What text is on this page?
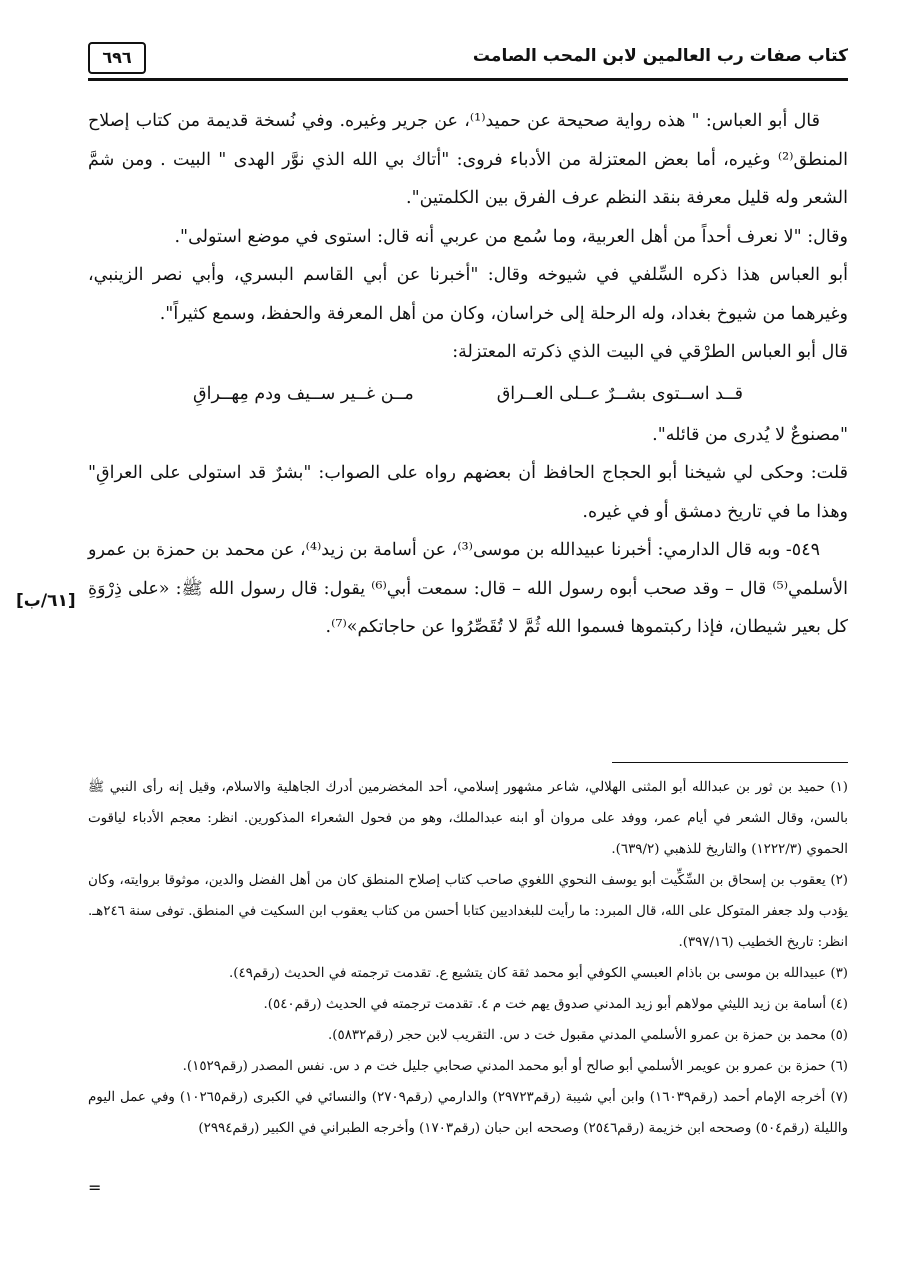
كتاب صفات رب العالمين لابن المحب الصامت
٦٩٦
[٦١/ب]

قال أبو العباس: " هذه رواية صحيحة عن حميد⁽¹⁾، عن جرير وغيره. وفي نُسخة قديمة من كتاب إصلاح المنطق⁽²⁾ وغيره، أما بعض المعتزلة من الأدباء فروى: "أتاك بي الله الذي نوَّر الهدى " البيت . ومن شمَّ الشعر وله قليل معرفة بنقد النظم عرف الفرق بين الكلمتين".

وقال: "لا نعرف أحداً من أهل العربية، وما سُمع من عربي أنه قال: استوى في موضع استولى".

أبو العباس هذا ذكره السِّلفي في شيوخه وقال: "أخبرنا عن أبي القاسم البسري، وأبي نصر الزينبي، وغيرهما من شيوخ بغداد، وله الرحلة إلى خراسان، وكان من أهل المعرفة والحفظ، وسمع كثيراً".

قال أبو العباس الطرْقي في البيت الذي ذكرته المعتزلة:

قــد اســتوى بشــرٌ عــلى العــراق
مــن غــير ســيف ودم مِهــراقِ

"مصنوعٌ لا يُدرى من قائله".

قلت: وحكى لي شيخنا أبو الحجاج الحافظ أن بعضهم رواه على الصواب: "بشرٌ قد استولى على العراقِ" وهذا ما في تاريخ دمشق أو في غيره.

٥٤٩- وبه قال الدارمي: أخبرنا عبيدالله بن موسى⁽³⁾، عن أسامة بن زيد⁽⁴⁾، عن محمد بن حمزة بن عمرو الأسلمي⁽⁵⁾ قال – وقد صحب أبوه رسول الله – قال: سمعت أبي⁽⁶⁾ يقول: قال رسول الله ﷺ: «على ذِرْوَةِ كل بعير شيطان، فإذا ركبتموها فسموا الله ثُمَّ لا تُقَصِّرُوا عن حاجاتكم»⁽⁷⁾.

(١) حميد بن ثور بن عبدالله أبو المثنى الهلالي، شاعر مشهور إسلامي، أحد المخضرمين أدرك الجاهلية والاسلام، وقيل إنه رأى النبي ﷺ بالسن، وقال الشعر في أيام عمر، ووفد على مروان أو ابنه عبدالملك، وهو من فحول الشعراء المذكورين. انظر: معجم الأدباء لياقوت الحموي (١٢٢٢/٣) والتاريخ للذهبي (٦٣٩/٢).

(٢) يعقوب بن إسحاق بن السِّكِّيت أبو يوسف النحوي اللغوي صاحب كتاب إصلاح المنطق كان من أهل الفضل والدين، موثوقا بروايته، وكان يؤدب ولد جعفر المتوكل على الله، قال المبرد: ما رأيت للبغداديين كتابا أحسن من كتاب يعقوب ابن السكيت في المنطق. توفى سنة ٢٤٦هـ. انظر: تاريخ الخطيب (٣٩٧/١٦).

(٣) عبيدالله بن موسى بن باذام العبسي الكوفي أبو محمد ثقة كان يتشيع ع. تقدمت ترجمته في الحديث (رقم٤٩).

(٤) أسامة بن زيد الليثي مولاهم أبو زيد المدني صدوق يهم خت م ٤. تقدمت ترجمته في الحديث (رقم٥٤٠).

(٥) محمد بن حمزة بن عمرو الأسلمي المدني مقبول خت د س. التقريب لابن حجر (رقم٥٨٣٢).

(٦) حمزة بن عمرو بن عويمر الأسلمي أبو صالح أو أبو محمد المدني صحابي جليل خت م د س. نفس المصدر (رقم١٥٢٩).

(٧) أخرجه الإمام أحمد (رقم١٦٠٣٩) وابن أبي شيبة (رقم٢٩٧٢٣) والدارمي (رقم٢٧٠٩) والنسائي في الكبرى (رقم١٠٢٦٥) وفي عمل اليوم والليلة (رقم٥٠٤) وصححه ابن خزيمة (رقم٢٥٤٦) وصححه ابن حبان (رقم١٧٠٣) وأخرجه الطبراني في الكبير (رقم٢٩٩٤)

=
